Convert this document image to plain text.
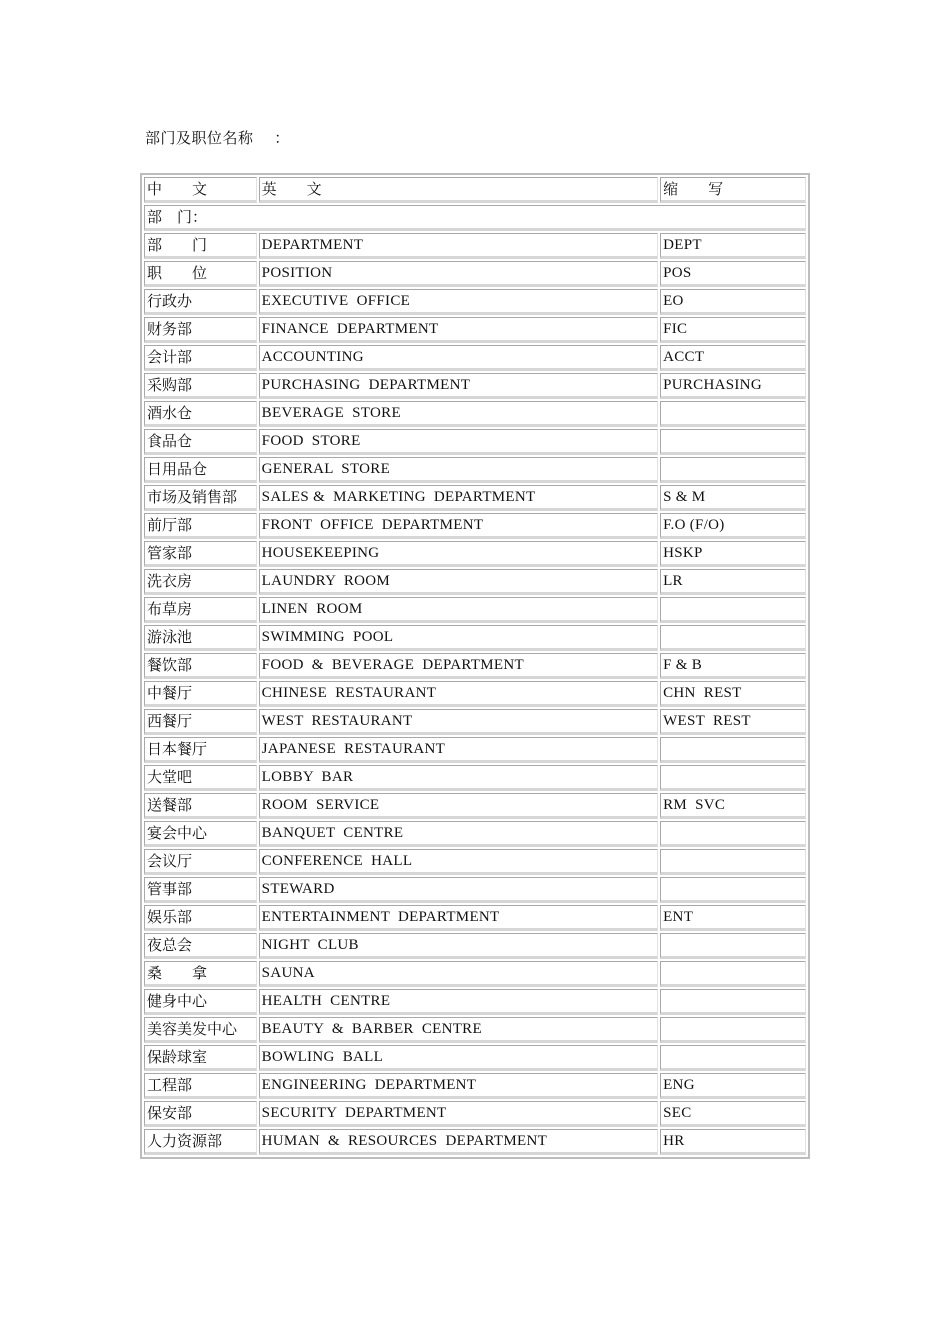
部门及职位名称　 ：
中　　文	英　　文	缩　　写
部　门：		
部　　门	DEPARTMENT	DEPT
职　　位	POSITION	POS
行政办	EXECUTIVE  OFFICE	EO
财务部	FINANCE  DEPARTMENT	FIC
会计部	ACCOUNTING	ACCT
采购部	PURCHASING  DEPARTMENT	PURCHASING
酒水仓	BEVERAGE  STORE	
食品仓	FOOD  STORE	
日用品仓	GENERAL  STORE	
市场及销售部	SALES &  MARKETING  DEPARTMENT	S & M
前厅部	FRONT  OFFICE  DEPARTMENT	F.O (F/O)
管家部	HOUSEKEEPING	HSKP
洗衣房	LAUNDRY  ROOM	LR
布草房	LINEN  ROOM	
游泳池	SWIMMING  POOL	
餐饮部	FOOD  &  BEVERAGE  DEPARTMENT	F & B
中餐厅	CHINESE  RESTAURANT	CHN  REST
西餐厅	WEST  RESTAURANT	WEST  REST
日本餐厅	JAPANESE  RESTAURANT	
大堂吧	LOBBY  BAR	
送餐部	ROOM  SERVICE	RM  SVC
宴会中心	BANQUET  CENTRE	
会议厅	CONFERENCE  HALL	
管事部	STEWARD	
娱乐部	ENTERTAINMENT  DEPARTMENT	ENT
夜总会	NIGHT  CLUB	
桑　　拿	SAUNA	
健身中心	HEALTH  CENTRE	
美容美发中心	BEAUTY  &  BARBER  CENTRE	
保龄球室	BOWLING  BALL	
工程部	ENGINEERING  DEPARTMENT	ENG
保安部	SECURITY  DEPARTMENT	SEC
人力资源部	HUMAN  &  RESOURCES  DEPARTMENT	HR
